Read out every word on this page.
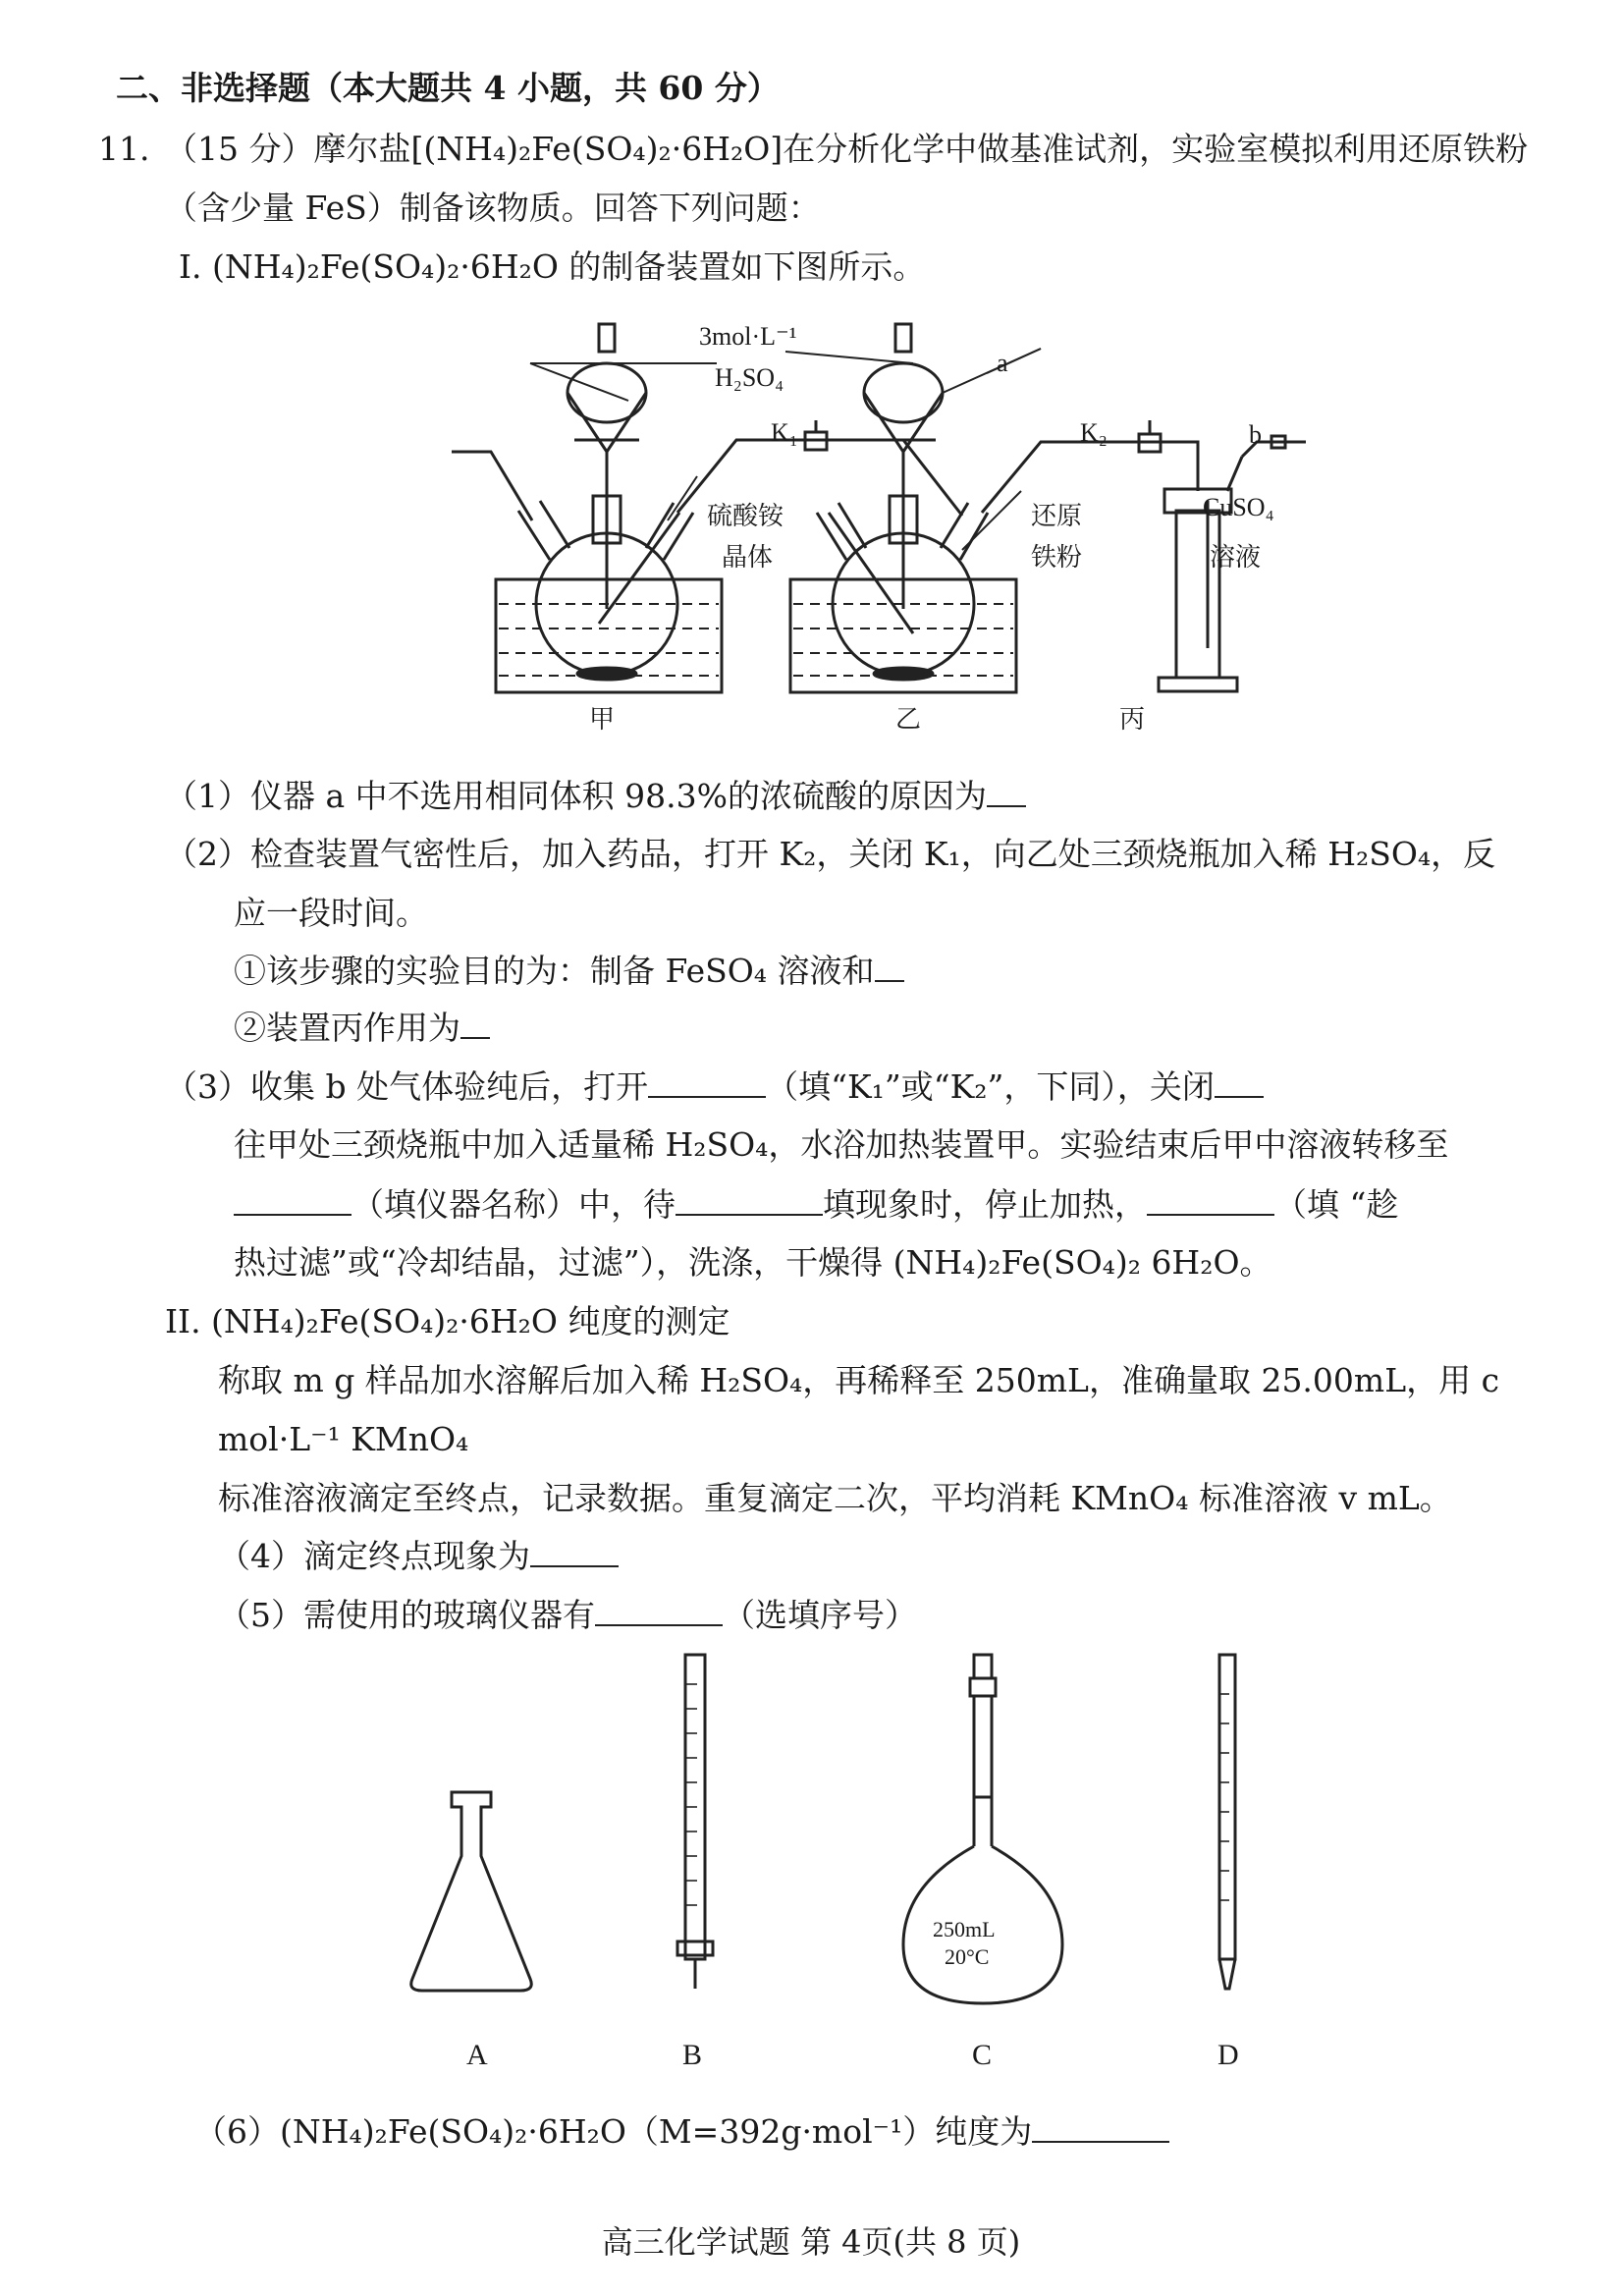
二、非选择题（本大题共 4 小题，共 60 分）
11. （15 分）摩尔盐[(NH₄)₂Fe(SO₄)₂·6H₂O]在分析化学中做基准试剂，实验室模拟利用还原铁粉
（含少量 FeS）制备该物质。回答下列问题：
I. (NH₄)₂Fe(SO₄)₂·6H₂O 的制备装置如下图所示。
3mol·L⁻¹
H₂SO₄
a
K₁	K₂	b
硫酸铵
晶体
还原
铁粉
CuSO₄
溶液
甲	乙	丙
（1）仪器 a 中不选用相同体积 98.3%的浓硫酸的原因为
（2）检查装置气密性后，加入药品，打开 K₂，关闭 K₁，向乙处三颈烧瓶加入稀 H₂SO₄，反
应一段时间。
①该步骤的实验目的为：制备 FeSO₄ 溶液和
②装置丙作用为
（3）收集 b 处气体验纯后，打开	（填“K₁”或“K₂”，下同），关闭
往甲处三颈烧瓶中加入适量稀 H₂SO₄，水浴加热装置甲。实验结束后甲中溶液转移至
（填仪器名称）中，待	填现象时，停止加热，	（填 “趁
热过滤”或“冷却结晶，过滤”），洗涤，干燥得 (NH₄)₂Fe(SO₄)₂ 6H₂O。
II. (NH₄)₂Fe(SO₄)₂·6H₂O 纯度的测定
称取 m g 样品加水溶解后加入稀 H₂SO₄，再稀释至 250mL，准确量取 25.00mL，用 c
mol·L⁻¹ KMnO₄
标准溶液滴定至终点，记录数据。重复滴定二次，平均消耗 KMnO₄ 标准溶液 v mL。
（4）滴定终点现象为
（5）需使用的玻璃仪器有	（选填序号）
250mL
20°C
A	B	C	D
（6）(NH₄)₂Fe(SO₄)₂·6H₂O（M=392g·mol⁻¹）纯度为
高三化学试题 第 4页(共 8 页)
